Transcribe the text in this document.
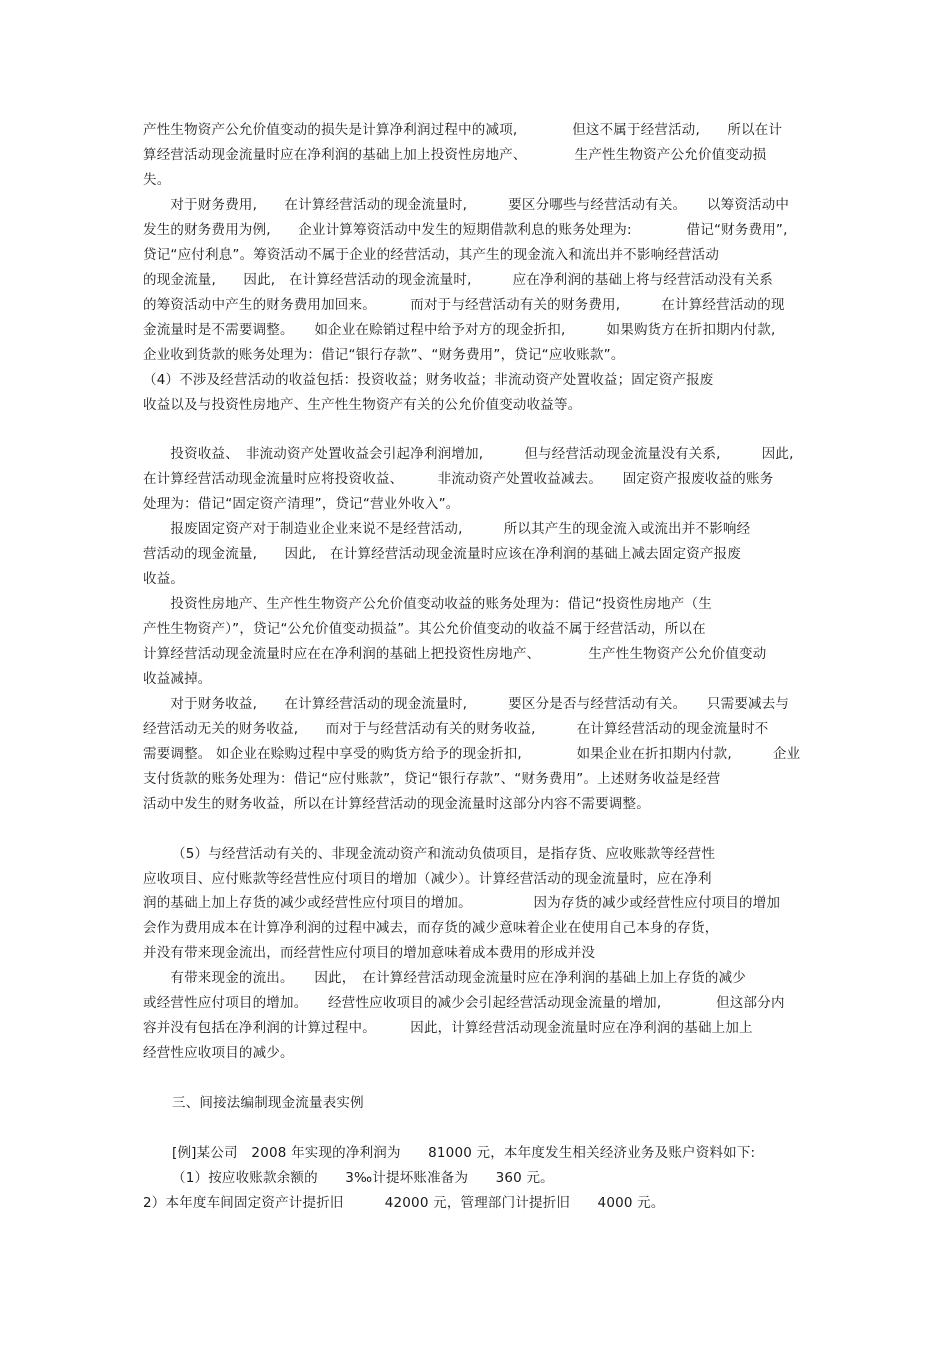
产性生物资产公允价值变动的损失是计算净利润过程中的减项,　　　　但这不属于经营活动,　　所以在计
算经营活动现金流量时应在净利润的基础上加上投资性房地产、　　　　生产性生物资产公允价值变动损
失。
　　对于财务费用,　　在计算经营活动的现金流量时,　　　要区分哪些与经营活动有关。　　以筹资活动中
发生的财务费用为例,　　企业计算筹资活动中发生的短期借款利息的账务处理为:　　　　借记“财务费用”,
贷记“应付利息”。筹资活动不属于企业的经营活动，其产生的现金流入和流出并不影响经营活动
的现金流量,　　因此,　在计算经营活动的现金流量时,　　　应在净利润的基础上将与经营活动没有关系
的筹资活动中产生的财务费用加回来。　　　而对于与经营活动有关的财务费用,　　　在计算经营活动的现
金流量时是不需要调整。　　如企业在赊销过程中给予对方的现金折扣,　　　如果购货方在折扣期内付款,
企业收到货款的账务处理为：借记“银行存款”、“财务费用”，贷记“应收账款”。
（4）不涉及经营活动的收益包括：投资收益；财务收益；非流动资产处置收益；固定资产报废
收益以及与投资性房地产、生产性生物资产有关的公允价值变动收益等。
　　投资收益、　非流动资产处置收益会引起净利润增加,　　　但与经营活动现金流量没有关系,　　　因此,
在计算经营活动现金流量时应将投资收益、　　　非流动资产处置收益减去。　　固定资产报废收益的账务
处理为：借记“固定资产清理”，贷记“营业外收入”。
　　报废固定资产对于制造业企业来说不是经营活动,　　　所以其产生的现金流入或流出并不影响经
营活动的现金流量,　　因此,　在计算经营活动现金流量时应该在净利润的基础上减去固定资产报废
收益。
　　投资性房地产、生产性生物资产公允价值变动收益的账务处理为：借记“投资性房地产（生
产性生物资产）”，贷记“公允价值变动损益”。其公允价值变动的收益不属于经营活动，所以在
计算经营活动现金流量时应在在净利润的基础上把投资性房地产、　　　　生产性生物资产公允价值变动
收益减掉。
　　对于财务收益,　　在计算经营活动的现金流量时,　　　要区分是否与经营活动有关。　　只需要减去与
经营活动无关的财务收益,　　而对于与经营活动有关的财务收益,　　　在计算经营活动的现金流量时不
需要调整。 如企业在赊购过程中享受的购货方给予的现金折扣,　　　　如果企业在折扣期内付款,　　　企业
支付货款的账务处理为：借记“应付账款”，贷记“银行存款”、“财务费用”。上述财务收益是经营
活动中发生的财务收益，所以在计算经营活动的现金流量时这部分内容不需要调整。
（5）与经营活动有关的、非现金流动资产和流动负债项目，是指存货、应收账款等经营性
应收项目、应付账款等经营性应付项目的增加（减少）。计算经营活动的现金流量时，应在净利
润的基础上加上存货的减少或经营性应付项目的增加。　　　　　因为存货的减少或经营性应付项目的增加
会作为费用成本在计算净利润的过程中减去，而存货的减少意味着企业在使用自己本身的存货，
并没有带来现金流出，而经营性应付项目的增加意味着成本费用的形成并没
　　有带来现金的流出。　　因此，　在计算经营活动现金流量时应在净利润的基础上加上存货的减少
或经营性应付项目的增加。　　经营性应收项目的减少会引起经营活动现金流量的增加,　　　　但这部分内
容并没有包括在净利润的计算过程中。　　　因此，计算经营活动现金流量时应在净利润的基础上加上
经营性应收项目的减少。
三、间接法编制现金流量表实例
[例]某公司　2008 年实现的净利润为　　81000 元，本年度发生相关经济业务及账户资料如下:
（1）按应收账款余额的　　3‰计提坏账准备为　　360 元。
2）本年度车间固定资产计提折旧　　　42000 元，管理部门计提折旧　　4000 元。
